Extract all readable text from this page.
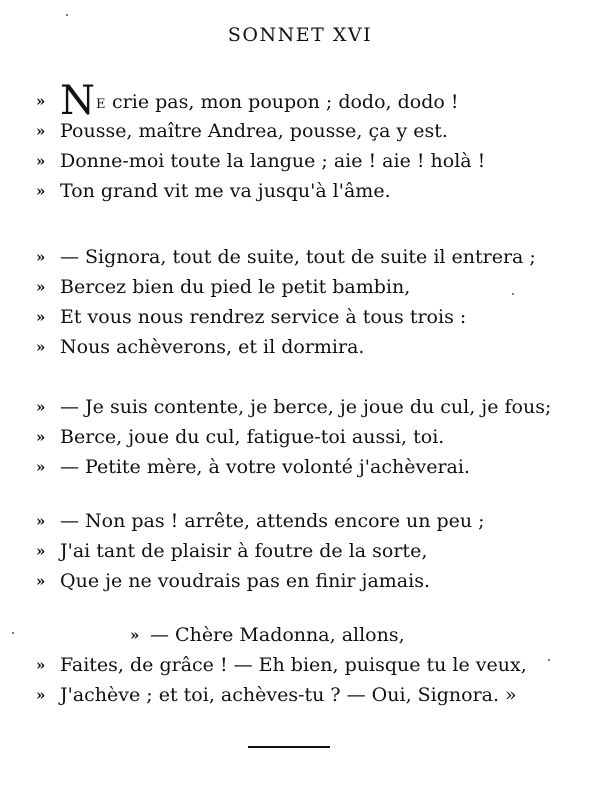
SONNET XVI
» NE crie pas, mon poupon ; dodo, dodo !
» Pousse, maître Andrea, pousse, ça y est.
» Donne-moi toute la langue ; aie ! aie ! holà !
» Ton grand vit me va jusqu'à l'âme.
» — Signora, tout de suite, tout de suite il entrera ;
» Bercez bien du pied le petit bambin,
» Et vous nous rendrez service à tous trois :
» Nous achèverons, et il dormira.
» — Je suis contente, je berce, je joue du cul, je fous;
» Berce, joue du cul, fatigue-toi aussi, toi.
» — Petite mère, à votre volonté j'achèverai.
» — Non pas ! arrête, attends encore un peu ;
» J'ai tant de plaisir à foutre de la sorte,
» Que je ne voudrais pas en finir jamais.
» — Chère Madonna, allons,
» Faites, de grâce ! — Eh bien, puisque tu le veux,
» J'achève ; et toi, achèves-tu ? — Oui, Signora. »
